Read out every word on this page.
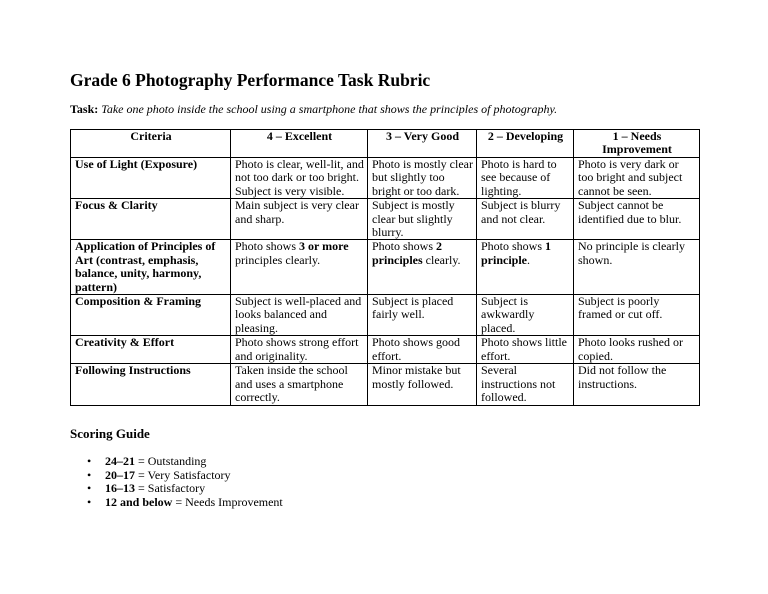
Grade 6 Photography Performance Task Rubric
Task: Take one photo inside the school using a smartphone that shows the principles of photography.
Criteria	4 – Excellent	3 – Very Good	2 – Developing	1 – Needs Improvement
Use of Light (Exposure)	Photo is clear, well-lit, and not too dark or too bright. Subject is very visible.	Photo is mostly clear but slightly too bright or too dark.	Photo is hard to see because of lighting.	Photo is very dark or too bright and subject cannot be seen.
Focus & Clarity	Main subject is very clear and sharp.	Subject is mostly clear but slightly blurry.	Subject is blurry and not clear.	Subject cannot be identified due to blur.
Application of Principles of Art (contrast, emphasis, balance, unity, harmony, pattern)	Photo shows 3 or more principles clearly.	Photo shows 2 principles clearly.	Photo shows 1 principle.	No principle is clearly shown.
Composition & Framing	Subject is well-placed and looks balanced and pleasing.	Subject is placed fairly well.	Subject is awkwardly placed.	Subject is poorly framed or cut off.
Creativity & Effort	Photo shows strong effort and originality.	Photo shows good effort.	Photo shows little effort.	Photo looks rushed or copied.
Following Instructions	Taken inside the school and uses a smartphone correctly.	Minor mistake but mostly followed.	Several instructions not followed.	Did not follow the instructions.
Scoring Guide
• 24–21 = Outstanding
• 20–17 = Very Satisfactory
• 16–13 = Satisfactory
• 12 and below = Needs Improvement
